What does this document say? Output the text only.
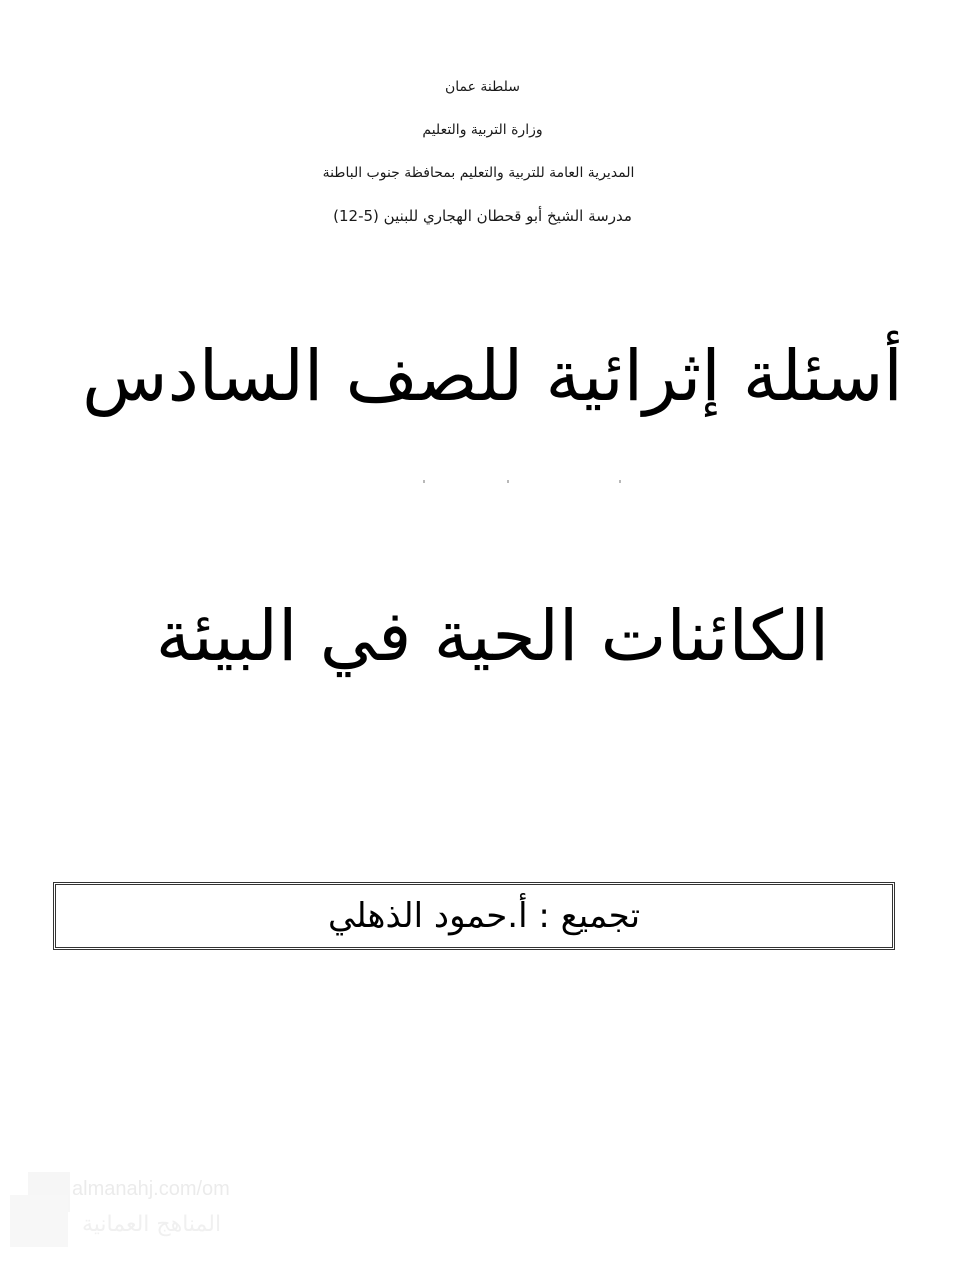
سلطنة عمان
وزارة التربية والتعليم
المديرية العامة للتربية والتعليم بمحافظة جنوب الباطنة
مدرسة الشيخ أبو قحطان الهجاري للبنين (5-12)
أسئلة إثرائية للصف السادس
الكائنات الحية في البيئة
تجميع : أ.حمود الذهلي
almanahj.com/om
المناهج العمانية
